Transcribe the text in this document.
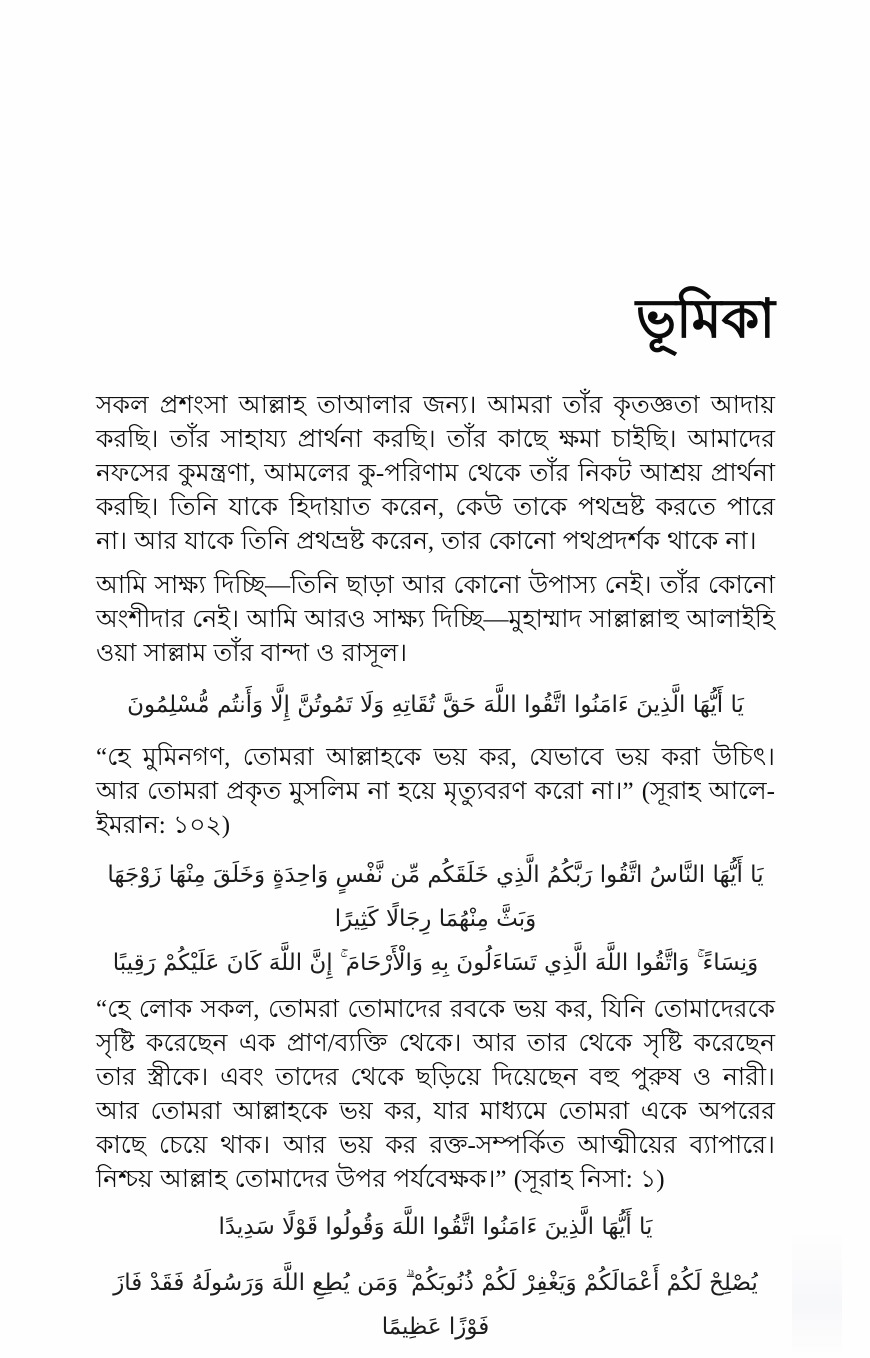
ভূমিকা

সকল প্রশংসা আল্লাহ তাআলার জন্য। আমরা তাঁর কৃতজ্ঞতা আদায় করছি। তাঁর সাহায্য প্রার্থনা করছি। তাঁর কাছে ক্ষমা চাইছি। আমাদের নফসের কুমন্ত্রণা, আমলের কু-পরিণাম থেকে তাঁর নিকট আশ্রয় প্রার্থনা করছি। তিনি যাকে হিদায়াত করেন, কেউ তাকে পথভ্রষ্ট করতে পারে না। আর যাকে তিনি প্রথভ্রষ্ট করেন, তার কোনো পথপ্রদর্শক থাকে না।

আমি সাক্ষ্য দিচ্ছি—তিনি ছাড়া আর কোনো উপাস্য নেই। তাঁর কোনো অংশীদার নেই। আমি আরও সাক্ষ্য দিচ্ছি—মুহাম্মাদ সাল্লাল্লাহু আলাইহি ওয়া সাল্লাম তাঁর বান্দা ও রাসূল।

يَا أَيُّهَا الَّذِينَ ءَامَنُوا اتَّقُوا اللَّهَ حَقَّ تُقَاتِهِ وَلَا تَمُوتُنَّ إِلَّا وَأَنتُم مُّسْلِمُونَ

“হে মুমিনগণ, তোমরা আল্লাহকে ভয় কর, যেভাবে ভয় করা উচিৎ। আর তোমরা প্রকৃত মুসলিম না হয়ে মৃত্যুবরণ করো না।” (সূরাহ আলে-ইমরান: ১০২)

يَا أَيُّهَا النَّاسُ اتَّقُوا رَبَّكُمُ الَّذِي خَلَقَكُم مِّن نَّفْسٍ وَاحِدَةٍ وَخَلَقَ مِنْهَا زَوْجَهَا وَبَثَّ مِنْهُمَا رِجَالًا كَثِيرًا
وَنِسَاءً ۚ وَاتَّقُوا اللَّهَ الَّذِي تَسَاءَلُونَ بِهِ وَالْأَرْحَامَ ۚ إِنَّ اللَّهَ كَانَ عَلَيْكُمْ رَقِيبًا

“হে লোক সকল, তোমরা তোমাদের রবকে ভয় কর, যিনি তোমাদেরকে সৃষ্টি করেছেন এক প্রাণ/ব্যক্তি থেকে। আর তার থেকে সৃষ্টি করেছেন তার স্ত্রীকে। এবং তাদের থেকে ছড়িয়ে দিয়েছেন বহু পুরুষ ও নারী। আর তোমরা আল্লাহকে ভয় কর, যার মাধ্যমে তোমরা একে অপরের কাছে চেয়ে থাক। আর ভয় কর রক্ত-সম্পর্কিত আত্মীয়ের ব্যাপারে। নিশ্চয় আল্লাহ তোমাদের উপর পর্যবেক্ষক।” (সূরাহ নিসা: ১)

يَا أَيُّهَا الَّذِينَ ءَامَنُوا اتَّقُوا اللَّهَ وَقُولُوا قَوْلًا سَدِيدًا
يُصْلِحْ لَكُمْ أَعْمَالَكُمْ وَيَغْفِرْ لَكُمْ ذُنُوبَكُمْ ۗ وَمَن يُطِعِ اللَّهَ وَرَسُولَهُ فَقَدْ فَازَ فَوْزًا عَظِيمًا
